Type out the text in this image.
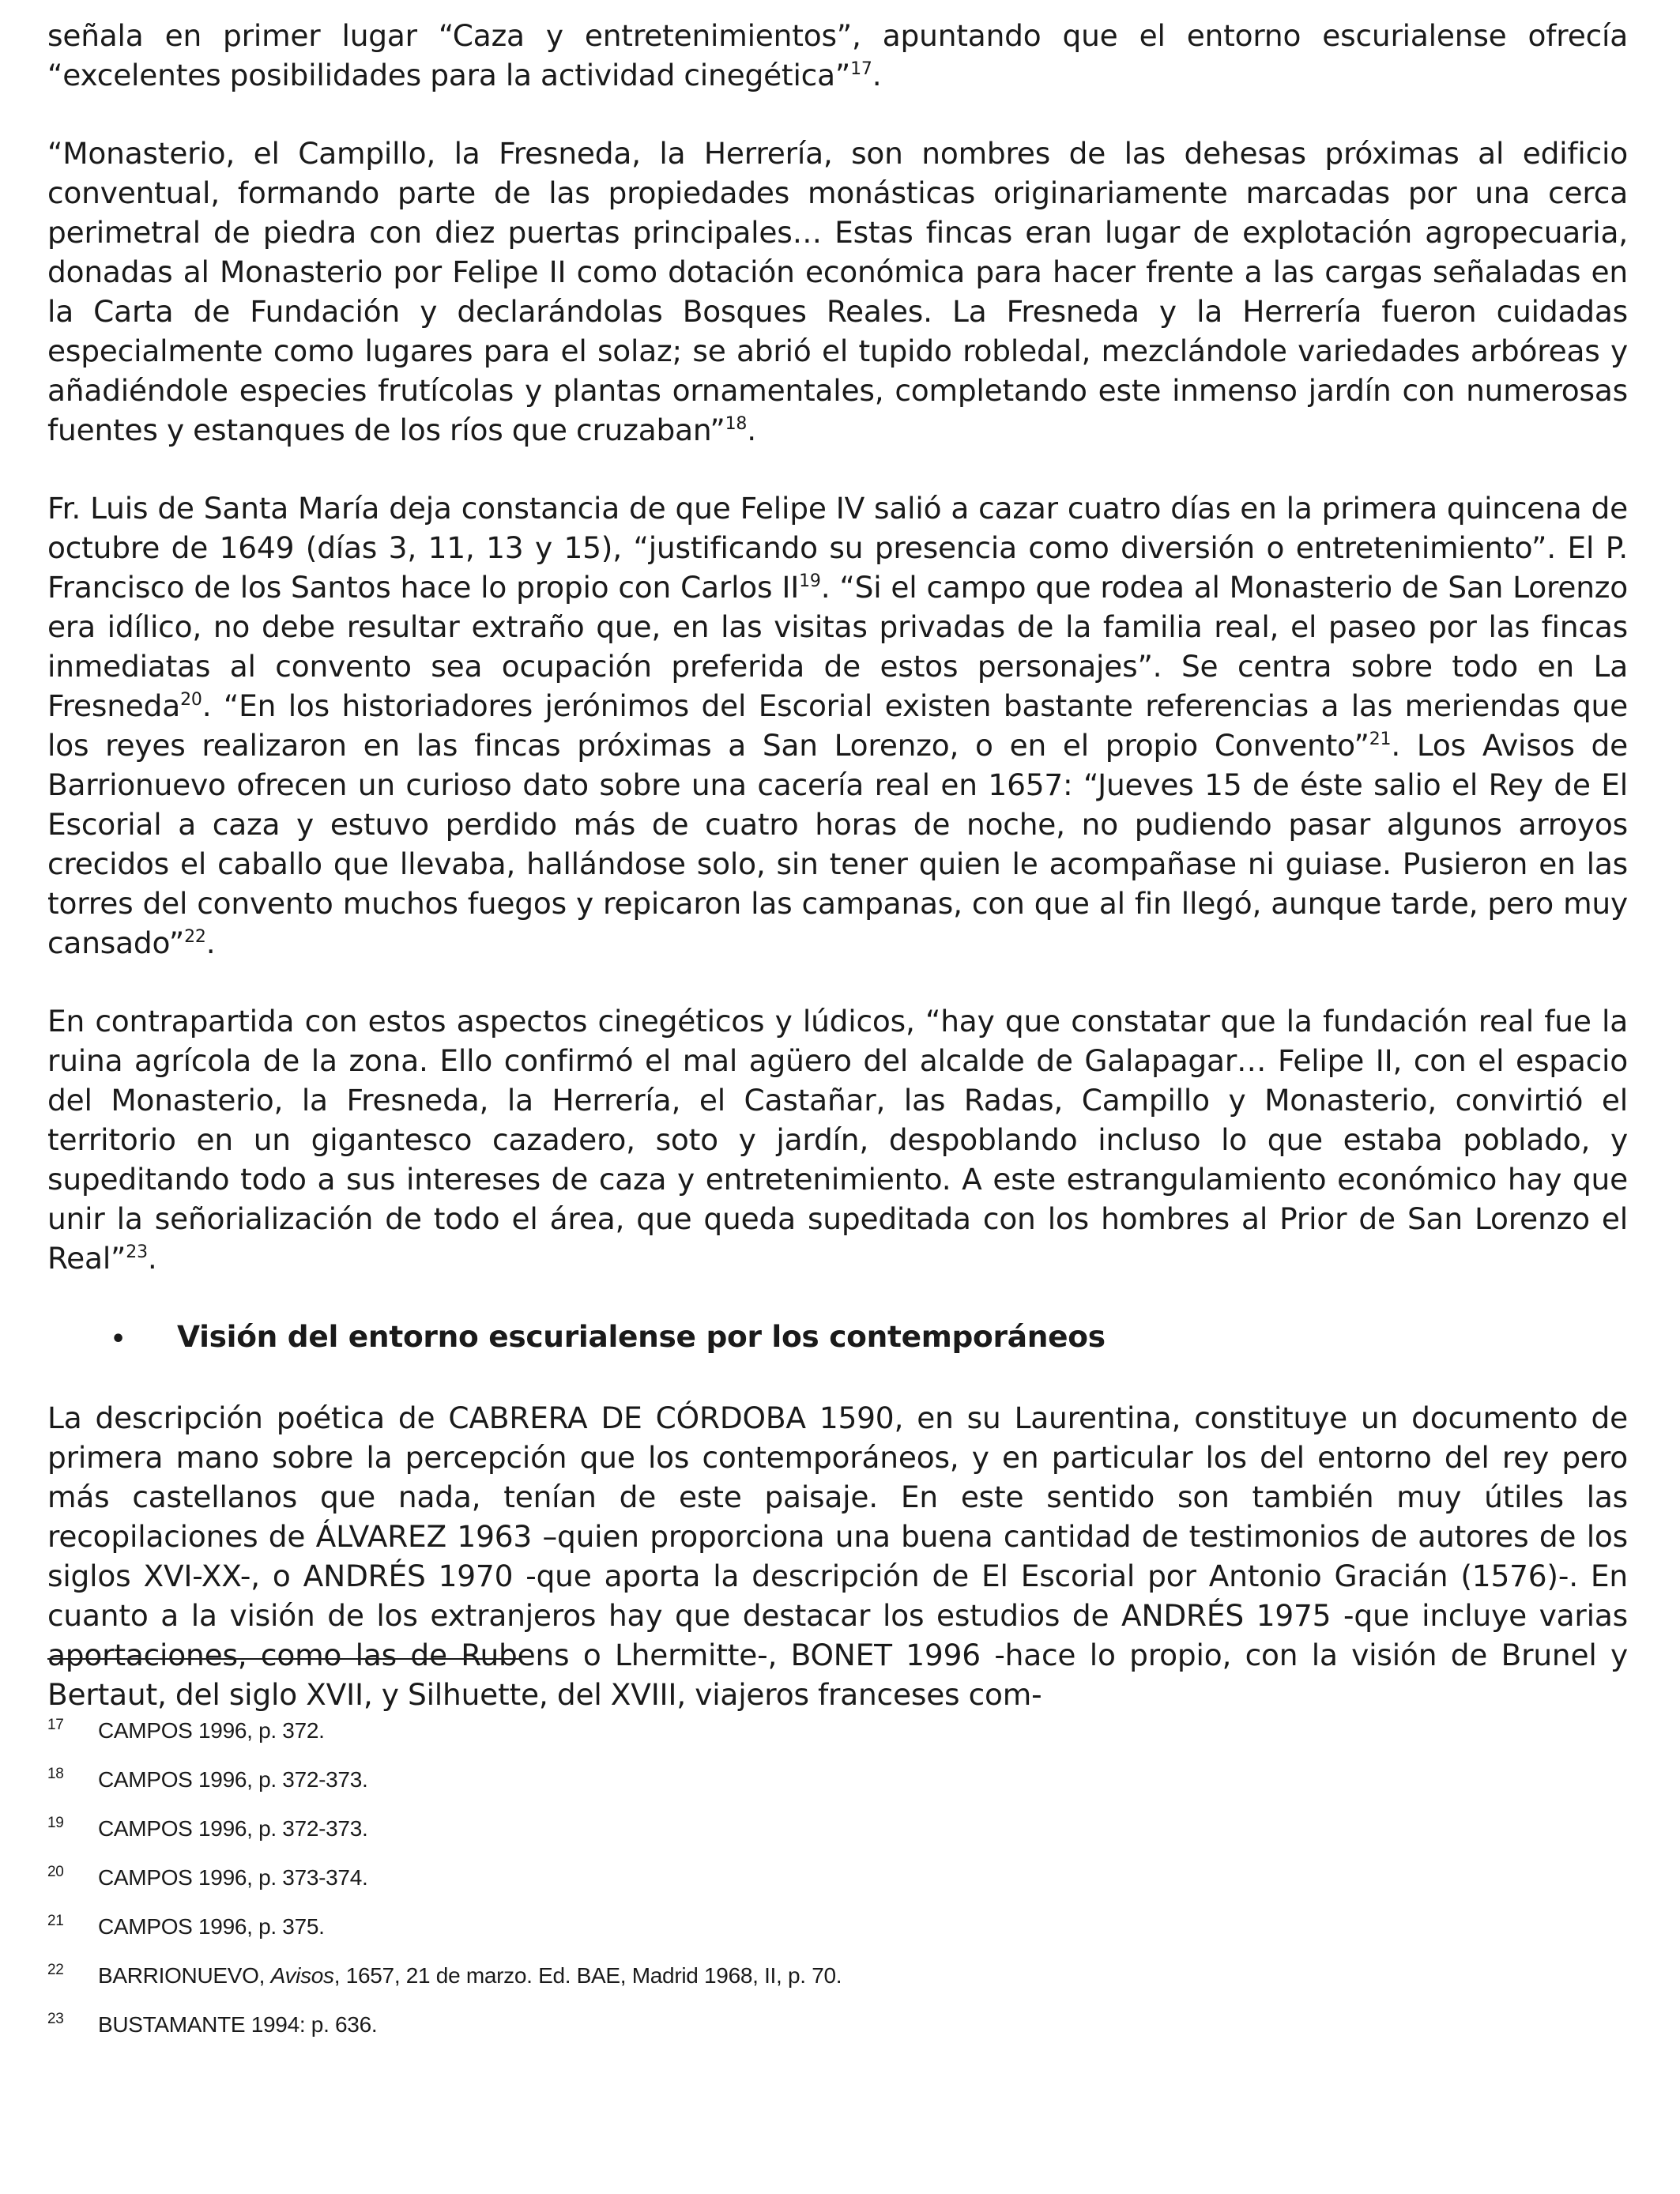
señala en primer lugar “Caza y entretenimientos”, apuntando que el entorno escurialense ofrecía “excelentes posibilidades para la actividad cinegética”$^{17}$.

“Monasterio, el Campillo, la Fresneda, la Herrería, son nombres de las dehesas próximas al edificio conventual, formando parte de las propiedades monásticas originariamente marcadas por una cerca perimetral de piedra con diez puertas principales… Estas fincas eran lugar de explotación agropecuaria, donadas al Monasterio por Felipe II como dotación económica para hacer frente a las cargas señaladas en la Carta de Fundación y declarándolas Bosques Reales. La Fresneda y la Herrería fueron cuidadas especialmente como lugares para el solaz; se abrió el tupido robledal, mezclándole variedades arbóreas y añadiéndole especies frutícolas y plantas ornamentales, completando este inmenso jardín con numerosas fuentes y estanques de los ríos que cruzaban”$^{18}$.

Fr. Luis de Santa María deja constancia de que Felipe IV salió a cazar cuatro días en la primera quincena de octubre de 1649 (días 3, 11, 13 y 15), “justificando su presencia como diversión o entretenimiento”. El P. Francisco de los Santos hace lo propio con Carlos II$^{19}$. “Si el campo que rodea al Monasterio de San Lorenzo era idílico, no debe resultar extraño que, en las visitas privadas de la familia real, el paseo por las fincas inmediatas al convento sea ocupación preferida de estos personajes”. Se centra sobre todo en La Fresneda$^{20}$. “En los historiadores jerónimos del Escorial existen bastante referencias a las meriendas que los reyes realizaron en las fincas próximas a San Lorenzo, o en el propio Convento”$^{21}$. Los Avisos de Barrionuevo ofrecen un curioso dato sobre una cacería real en 1657: “Jueves 15 de éste salio el Rey de El Escorial a caza y estuvo perdido más de cuatro horas de noche, no pudiendo pasar algunos arroyos crecidos el caballo que llevaba, hallándose solo, sin tener quien le acompañase ni guiase. Pusieron en las torres del convento muchos fuegos y repicaron las campanas, con que al fin llegó, aunque tarde, pero muy cansado”$^{22}$.

En contrapartida con estos aspectos cinegéticos y lúdicos, “hay que constatar que la fundación real fue la ruina agrícola de la zona. Ello confirmó el mal agüero del alcalde de Galapagar… Felipe II, con el espacio del Monasterio, la Fresneda, la Herrería, el Castañar, las Radas, Campillo y Monasterio, convirtió el territorio en un gigantesco cazadero, soto y jardín, despoblando incluso lo que estaba poblado, y supeditando todo a sus intereses de caza y entretenimiento. A este estrangulamiento económico hay que unir la señorialización de todo el área, que queda supeditada con los hombres al Prior de San Lorenzo el Real”$^{23}$.

•	Visión del entorno escurialense por los contemporáneos

La descripción poética de CABRERA DE CÓRDOBA 1590, en su Laurentina, constituye un documento de primera mano sobre la percepción que los contemporáneos, y en particular los del entorno del rey pero más castellanos que nada, tenían de este paisaje. En este sentido son también muy útiles las recopilaciones de ÁLVAREZ 1963 –quien proporciona una buena cantidad de testimonios de autores de los siglos XVI-XX-, o ANDRÉS 1970 -que aporta la descripción de El Escorial por Antonio Gracián (1576)-. En cuanto a la visión de los extranjeros hay que destacar los estudios de ANDRÉS 1975 -que incluye varias aportaciones, como las de Rubens o Lhermitte-, BONET 1996 -hace lo propio, con la visión de Brunel y Bertaut, del siglo XVII, y Silhuette, del XVIII, viajeros franceses com-

17	CAMPOS 1996, p. 372.
18	CAMPOS 1996, p. 372-373.
19	CAMPOS 1996, p. 372-373.
20	CAMPOS 1996, p. 373-374.
21	CAMPOS 1996, p. 375.
22	BARRIONUEVO, Avisos, 1657, 21 de marzo. Ed. BAE, Madrid 1968, II, p. 70.
23	BUSTAMANTE 1994: p. 636.
